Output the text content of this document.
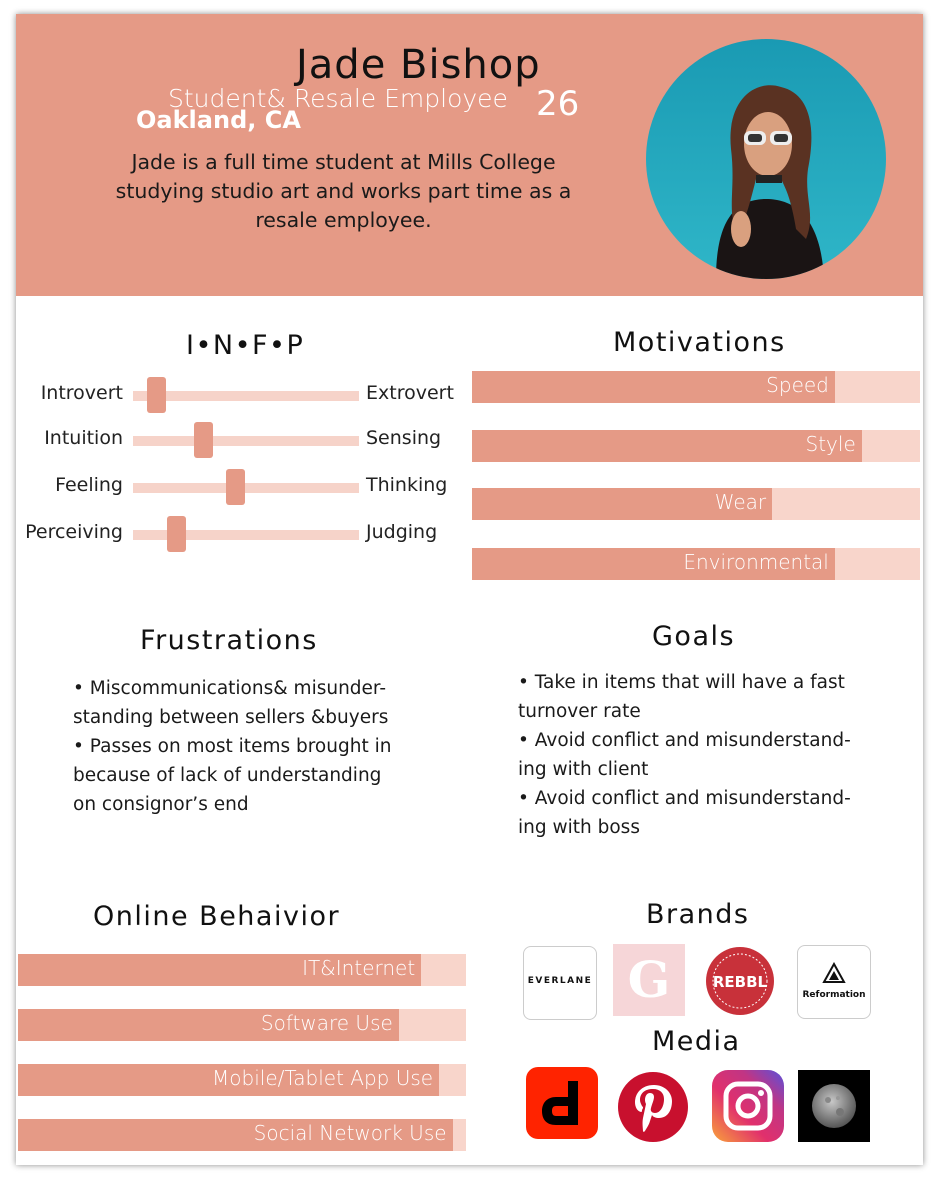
Jade Bishop
Student& Resale Employee 26
Oakland, CA
Jade is a full time student at Mills College studying studio art and works part time as a resale employee.
I•N•F•P
Introvert	Extrovert
Intuition	Sensing
Feeling	Thinking
Perceiving	Judging
Motivations
Speed
Style
Wear
Environmental
Frustrations
• Miscommunications& misunder-
standing between sellers &buyers
• Passes on most items brought in
because of lack of understanding
on consignor’s end
Goals
• Take in items that will have a fast
turnover rate
• Avoid conflict and misunderstand-
ing with client
• Avoid conflict and misunderstand-
ing with boss
Online Behaivior
IT&Internet
Software Use
Mobile/Tablet App Use
Social Network Use
Brands
EVERLANE G	REBBL
Reformation
Media
